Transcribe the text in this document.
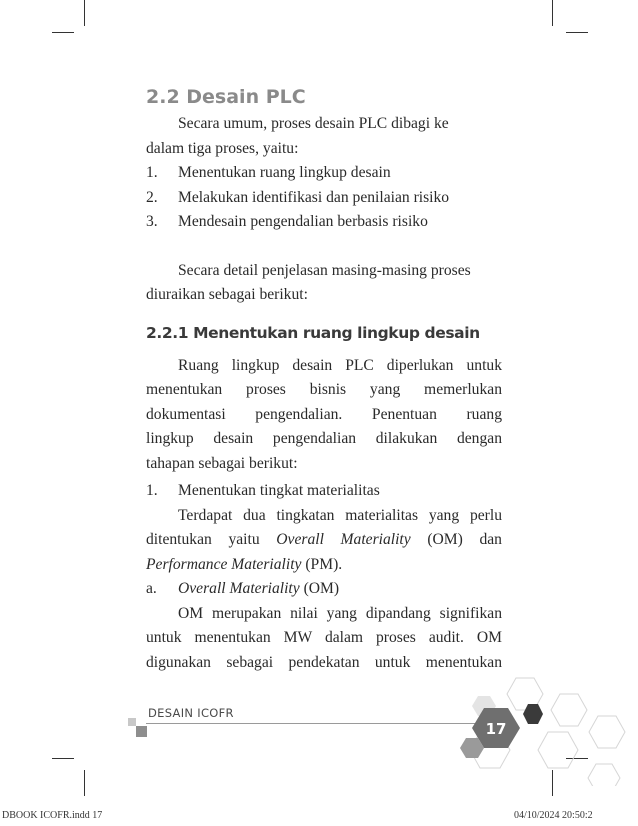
2.2 Desain PLC
Secara umum, proses desain PLC dibagi ke
dalam tiga proses, yaitu:
1.	Menentukan ruang lingkup desain
2.	Melakukan identifikasi dan penilaian risiko
3.	Mendesain pengendalian berbasis risiko
Secara detail penjelasan masing-masing proses
diuraikan sebagai berikut:
2.2.1 Menentukan ruang lingkup desain
Ruang lingkup desain PLC diperlukan untuk
menentukan proses bisnis yang memerlukan
dokumentasi pengendalian. Penentuan ruang
lingkup desain pengendalian dilakukan dengan
tahapan sebagai berikut:
1.	Menentukan tingkat materialitas
Terdapat dua tingkatan materialitas yang perlu
ditentukan yaitu Overall Materiality (OM) dan
Performance Materiality (PM).
a.	Overall Materiality (OM)
OM merupakan nilai yang dipandang signifikan
untuk menentukan MW dalam proses audit. OM
digunakan sebagai pendekatan untuk menentukan
DESAIN ICOFR
17
DBOOK ICOFR.indd 17	04/10/2024 20:50:2
